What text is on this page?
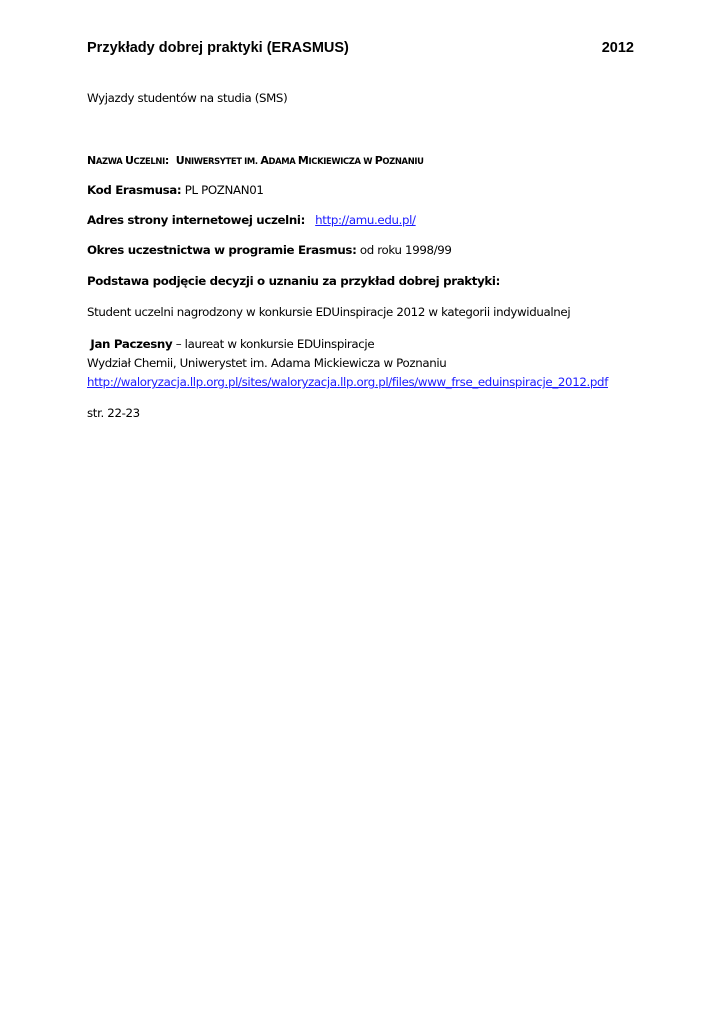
Przykłady dobrej praktyki (ERASMUS)	2012
Wyjazdy studentów na studia (SMS)
NAZWA UCZELNI: UNIWERSYTET IM. ADAMA MICKIEWICZA W POZNANIU
Kod Erasmusa: PL POZNAN01
Adres strony internetowej uczelni: http://amu.edu.pl/
Okres uczestnictwa w programie Erasmus: od roku 1998/99
Podstawa podjęcie decyzji o uznaniu za przykład dobrej praktyki:
Student uczelni nagrodzony w konkursie EDUinspiracje 2012 w kategorii indywidualnej
Jan Paczesny – laureat w konkursie EDUinspiracje
Wydział Chemii, Uniwerystet im. Adama Mickiewicza w Poznaniu
http://waloryzacja.llp.org.pl/sites/waloryzacja.llp.org.pl/files/www_frse_eduinspiracje_2012.pdf
str. 22-23
